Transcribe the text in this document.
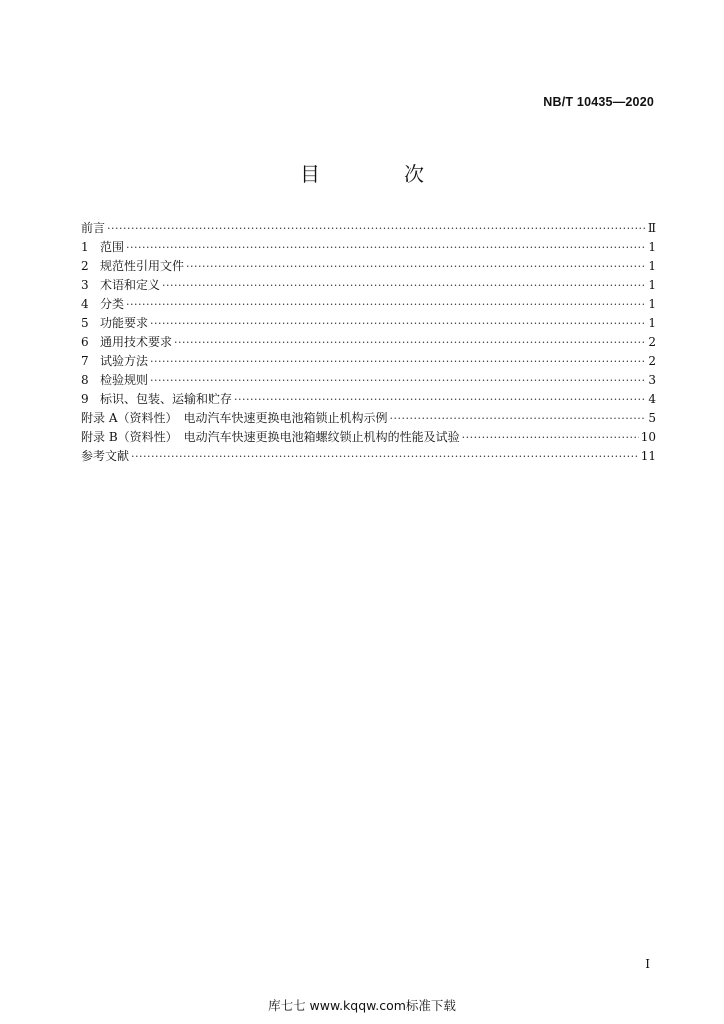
NB/T 10435—2020
目　次
前言 ·····	Ⅱ
1 范围 ·····	1
2 规范性引用文件 ·····	1
3 术语和定义 ·····	1
4 分类 ·····	1
5 功能要求 ·····	1
6 通用技术要求 ·····	2
7 试验方法 ·····	2
8 检验规则 ·····	3
9 标识、包装、运输和贮存 ·····	4
附录 A（资料性）　电动汽车快速更换电池箱锁止机构示例 ·····	5
附录 B（资料性）　电动汽车快速更换电池箱螺纹锁止机构的性能及试验 ·····	10
参考文献 ·····	11
I
库七七 www.kqqw.com标准下载
